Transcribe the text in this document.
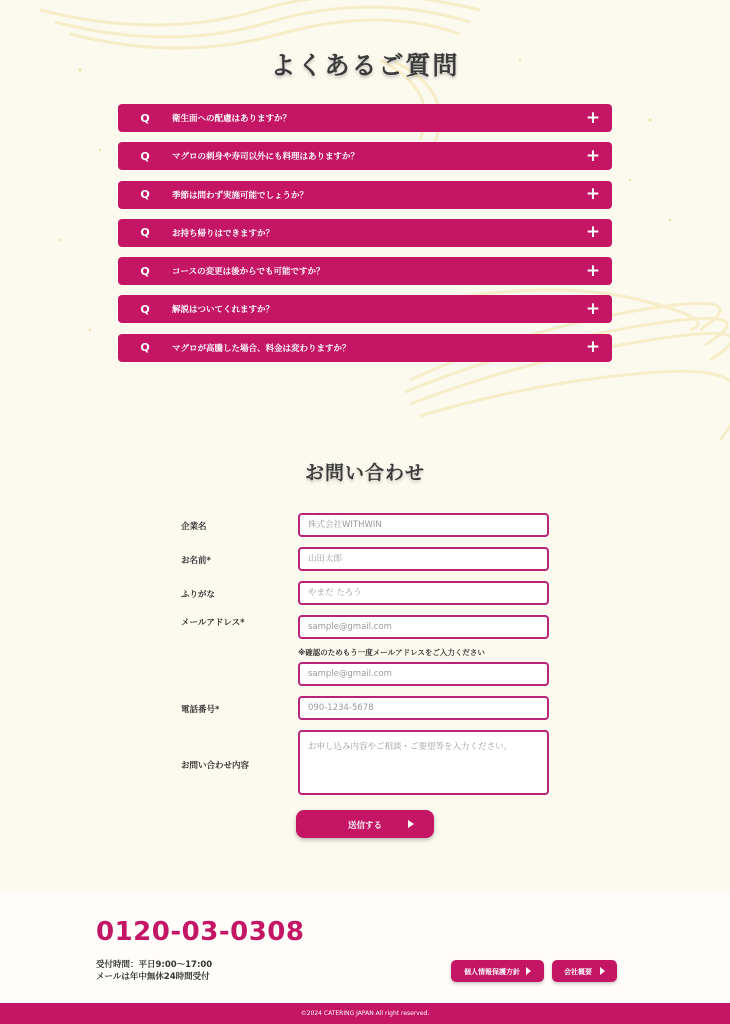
よくあるご質問
Q	衛生面への配慮はありますか？	+
Q	マグロの刺身や寿司以外にも料理はありますか？	+
Q	季節は問わず実施可能でしょうか？	+
Q	お持ち帰りはできますか？	+
Q	コースの変更は後からでも可能ですか？	+
Q	解説はついてくれますか？	+
Q	マグロが高騰した場合、料金は変わりますか？	+
お問い合わせ
企業名
株式会社WITHWIN
お名前*
山田太郎
ふりがな
やまだ たろう
メールアドレス*
sample@gmail.com
※確認のためもう一度メールアドレスをご入力ください
sample@gmail.com
電話番号*
090-1234-5678
お問い合わせ内容
お申し込み内容やご相談・ご要望等を入力ください。
送信する
0120-03-0308
受付時間：平日9:00〜17:00
メールは年中無休24時間受付	個人情報保護方針	会社概要
©2024 CATERING JAPAN All right reserved.
